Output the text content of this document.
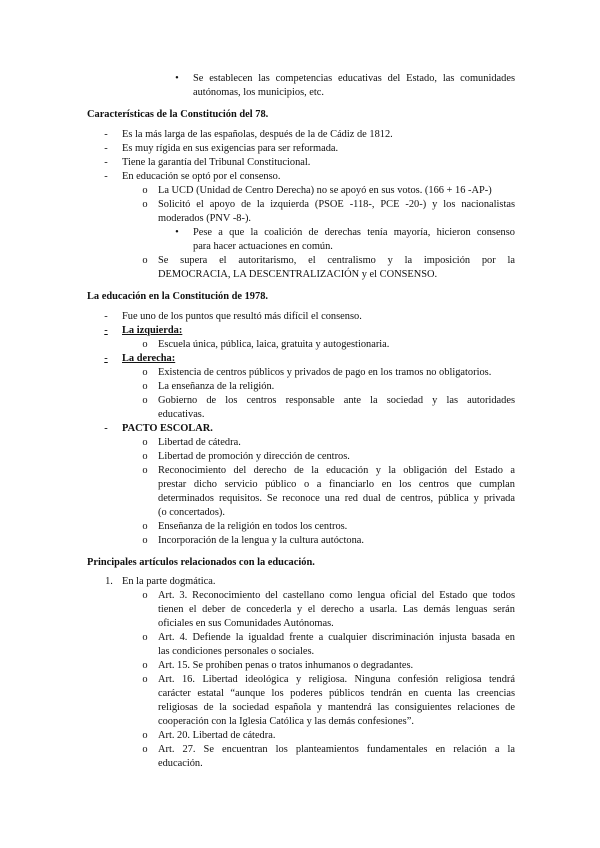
•	Se establecen las competencias educativas del Estado, las comunidades
autónomas, los municipios, etc.
Características de la Constitución del 78.
-	Es la más larga de las españolas, después de la de Cádiz de 1812.
-	Es muy rígida en sus exigencias para ser reformada.
-	Tiene la garantía del Tribunal Constitucional.
-	En educación se optó por el consenso.
o La UCD (Unidad de Centro Derecha) no se apoyó en sus votos. (166 + 16 -AP-)
o Solicitó el apoyo de la izquierda (PSOE -118-, PCE -20-) y los nacionalistas
moderados (PNV -8-).
•	Pese a que la coalición de derechas tenía mayoría, hicieron consenso
para hacer actuaciones en común.
o Se supera el autoritarismo, el centralismo y la imposición por la
DEMOCRACIA, LA DESCENTRALIZACIÓN y el CONSENSO.
La educación en la Constitución de 1978.
-	Fue uno de los puntos que resultó más difícil el consenso.
-	La izquierda:
o Escuela única, pública, laica, gratuita y autogestionaria.
-	La derecha:
o Existencia de centros públicos y privados de pago en los tramos no obligatorios.
o La enseñanza de la religión.
o Gobierno de los centros responsable ante la sociedad y las autoridades
educativas.
-	PACTO ESCOLAR.
o Libertad de cátedra.
o Libertad de promoción y dirección de centros.
o Reconocimiento del derecho de la educación y la obligación del Estado a
prestar dicho servicio público o a financiarlo en los centros que cumplan
determinados requisitos. Se reconoce una red dual de centros, pública y privada
(o concertados).
o Enseñanza de la religión en todos los centros.
o Incorporación de la lengua y la cultura autóctona.
Principales artículos relacionados con la educación.
1. En la parte dogmática.
o Art. 3. Reconocimiento del castellano como lengua oficial del Estado que todos
tienen el deber de concederla y el derecho a usarla. Las demás lenguas serán
oficiales en sus Comunidades Autónomas.
o Art. 4. Defiende la igualdad frente a cualquier discriminación injusta basada en
las condiciones personales o sociales.
o Art. 15. Se prohíben penas o tratos inhumanos o degradantes.
o Art. 16. Libertad ideológica y religiosa. Ninguna confesión religiosa tendrá
carácter estatal “aunque los poderes públicos tendrán en cuenta las creencias
religiosas de la sociedad española y mantendrá las consiguientes relaciones de
cooperación con la Iglesia Católica y las demás confesiones”.
o Art. 20. Libertad de cátedra.
o Art. 27. Se encuentran los planteamientos fundamentales en relación a la
educación.
